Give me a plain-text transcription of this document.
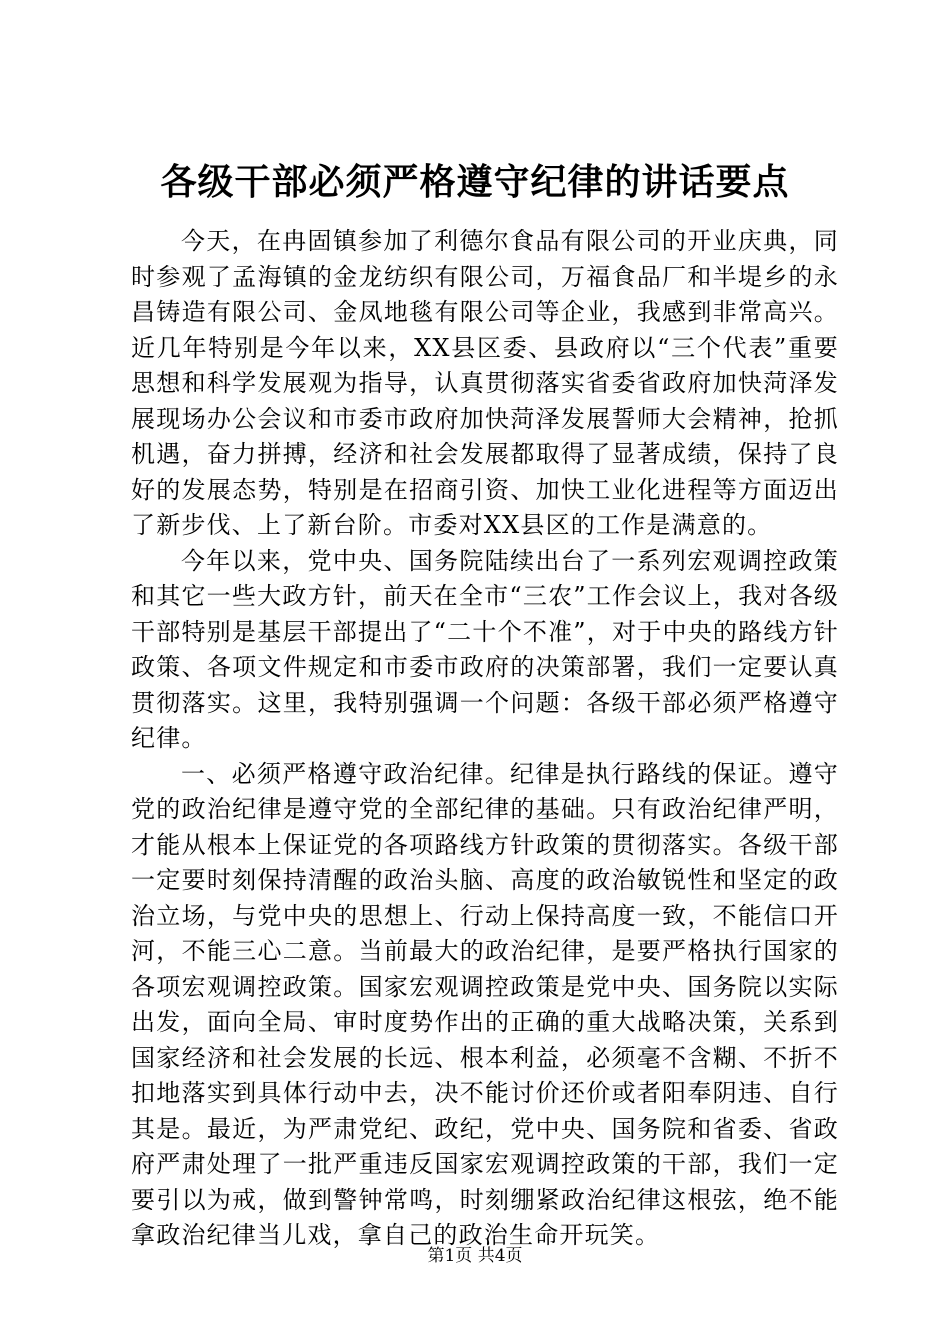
各级干部必须严格遵守纪律的讲话要点

今天，在冉固镇参加了利德尔食品有限公司的开业庆典，同时参观了孟海镇的金龙纺织有限公司，万福食品厂和半堤乡的永昌铸造有限公司、金凤地毯有限公司等企业，我感到非常高兴。近几年特别是今年以来，XX县区委、县政府以“三个代表”重要思想和科学发展观为指导，认真贯彻落实省委省政府加快菏泽发展现场办公会议和市委市政府加快菏泽发展誓师大会精神，抢抓机遇，奋力拼搏，经济和社会发展都取得了显著成绩，保持了良好的发展态势，特别是在招商引资、加快工业化进程等方面迈出了新步伐、上了新台阶。市委对XX县区的工作是满意的。

今年以来，党中央、国务院陆续出台了一系列宏观调控政策和其它一些大政方针，前天在全市“三农”工作会议上，我对各级干部特别是基层干部提出了“二十个不准”，对于中央的路线方针政策、各项文件规定和市委市政府的决策部署，我们一定要认真贯彻落实。这里，我特别强调一个问题：各级干部必须严格遵守纪律。

一、必须严格遵守政治纪律。纪律是执行路线的保证。遵守党的政治纪律是遵守党的全部纪律的基础。只有政治纪律严明，才能从根本上保证党的各项路线方针政策的贯彻落实。各级干部一定要时刻保持清醒的政治头脑、高度的政治敏锐性和坚定的政治立场，与党中央的思想上、行动上保持高度一致，不能信口开河，不能三心二意。当前最大的政治纪律，是要严格执行国家的各项宏观调控政策。国家宏观调控政策是党中央、国务院以实际出发，面向全局、审时度势作出的正确的重大战略决策，关系到国家经济和社会发展的长远、根本利益，必须毫不含糊、不折不扣地落实到具体行动中去，决不能讨价还价或者阳奉阴违、自行其是。最近，为严肃党纪、政纪，党中央、国务院和省委、省政府严肃处理了一批严重违反国家宏观调控政策的干部，我们一定要引以为戒，做到警钟常鸣，时刻绷紧政治纪律这根弦，绝不能拿政治纪律当儿戏，拿自己的政治生命开玩笑。

第1页 共4页
